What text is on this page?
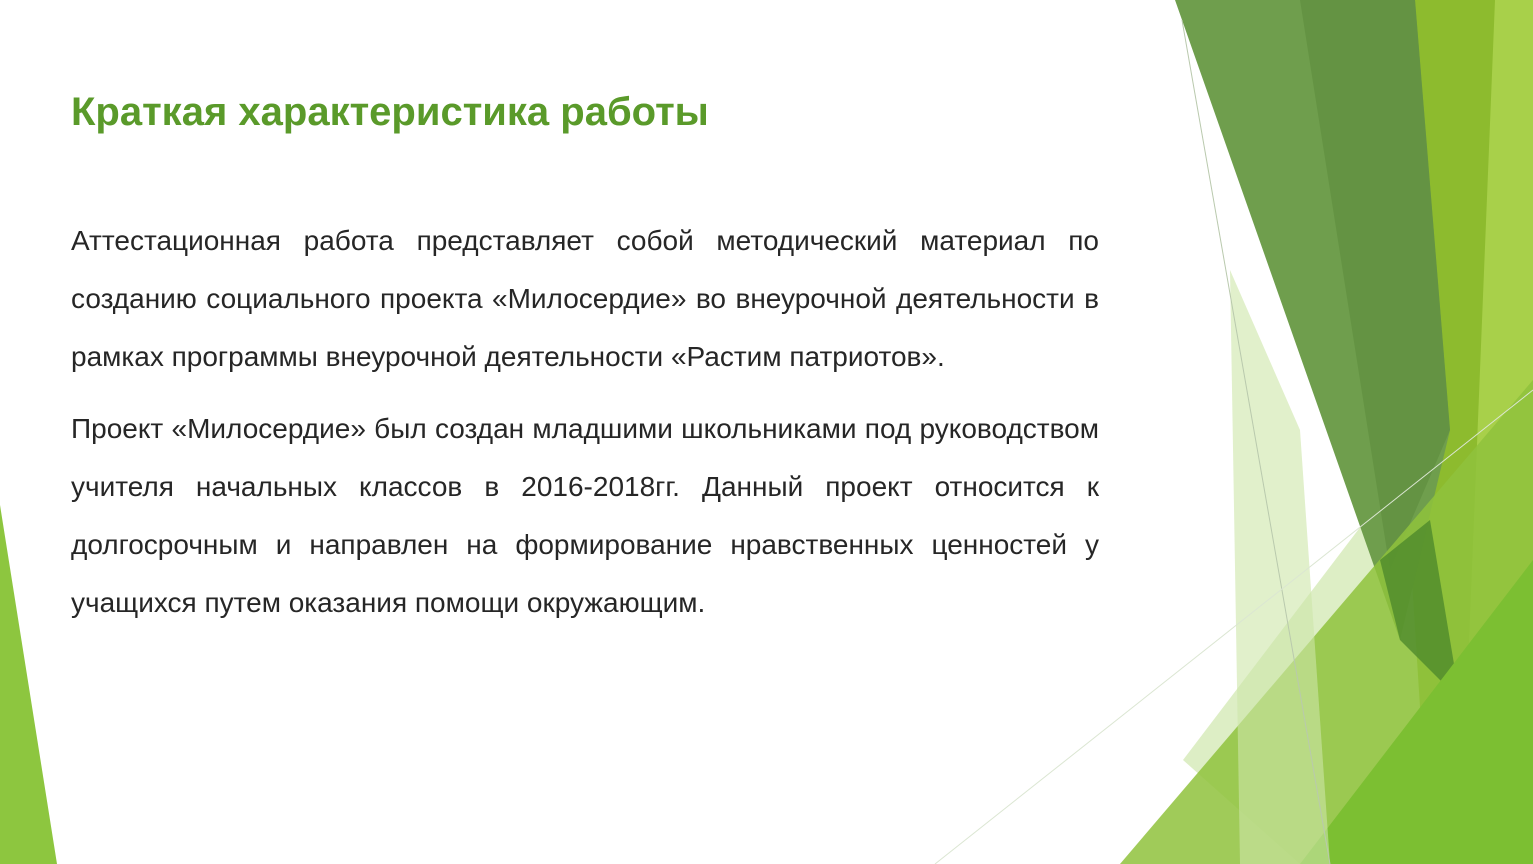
Краткая характеристика работы

Аттестационная работа представляет собой методический материал по созданию социального проекта «Милосердие» во внеурочной деятельности в рамках программы внеурочной деятельности «Растим патриотов».

Проект «Милосердие» был создан младшими школьниками под руководством учителя начальных классов в 2016-2018гг. Данный проект относится к долгосрочным и направлен на формирование нравственных ценностей у учащихся путем оказания помощи окружающим.
